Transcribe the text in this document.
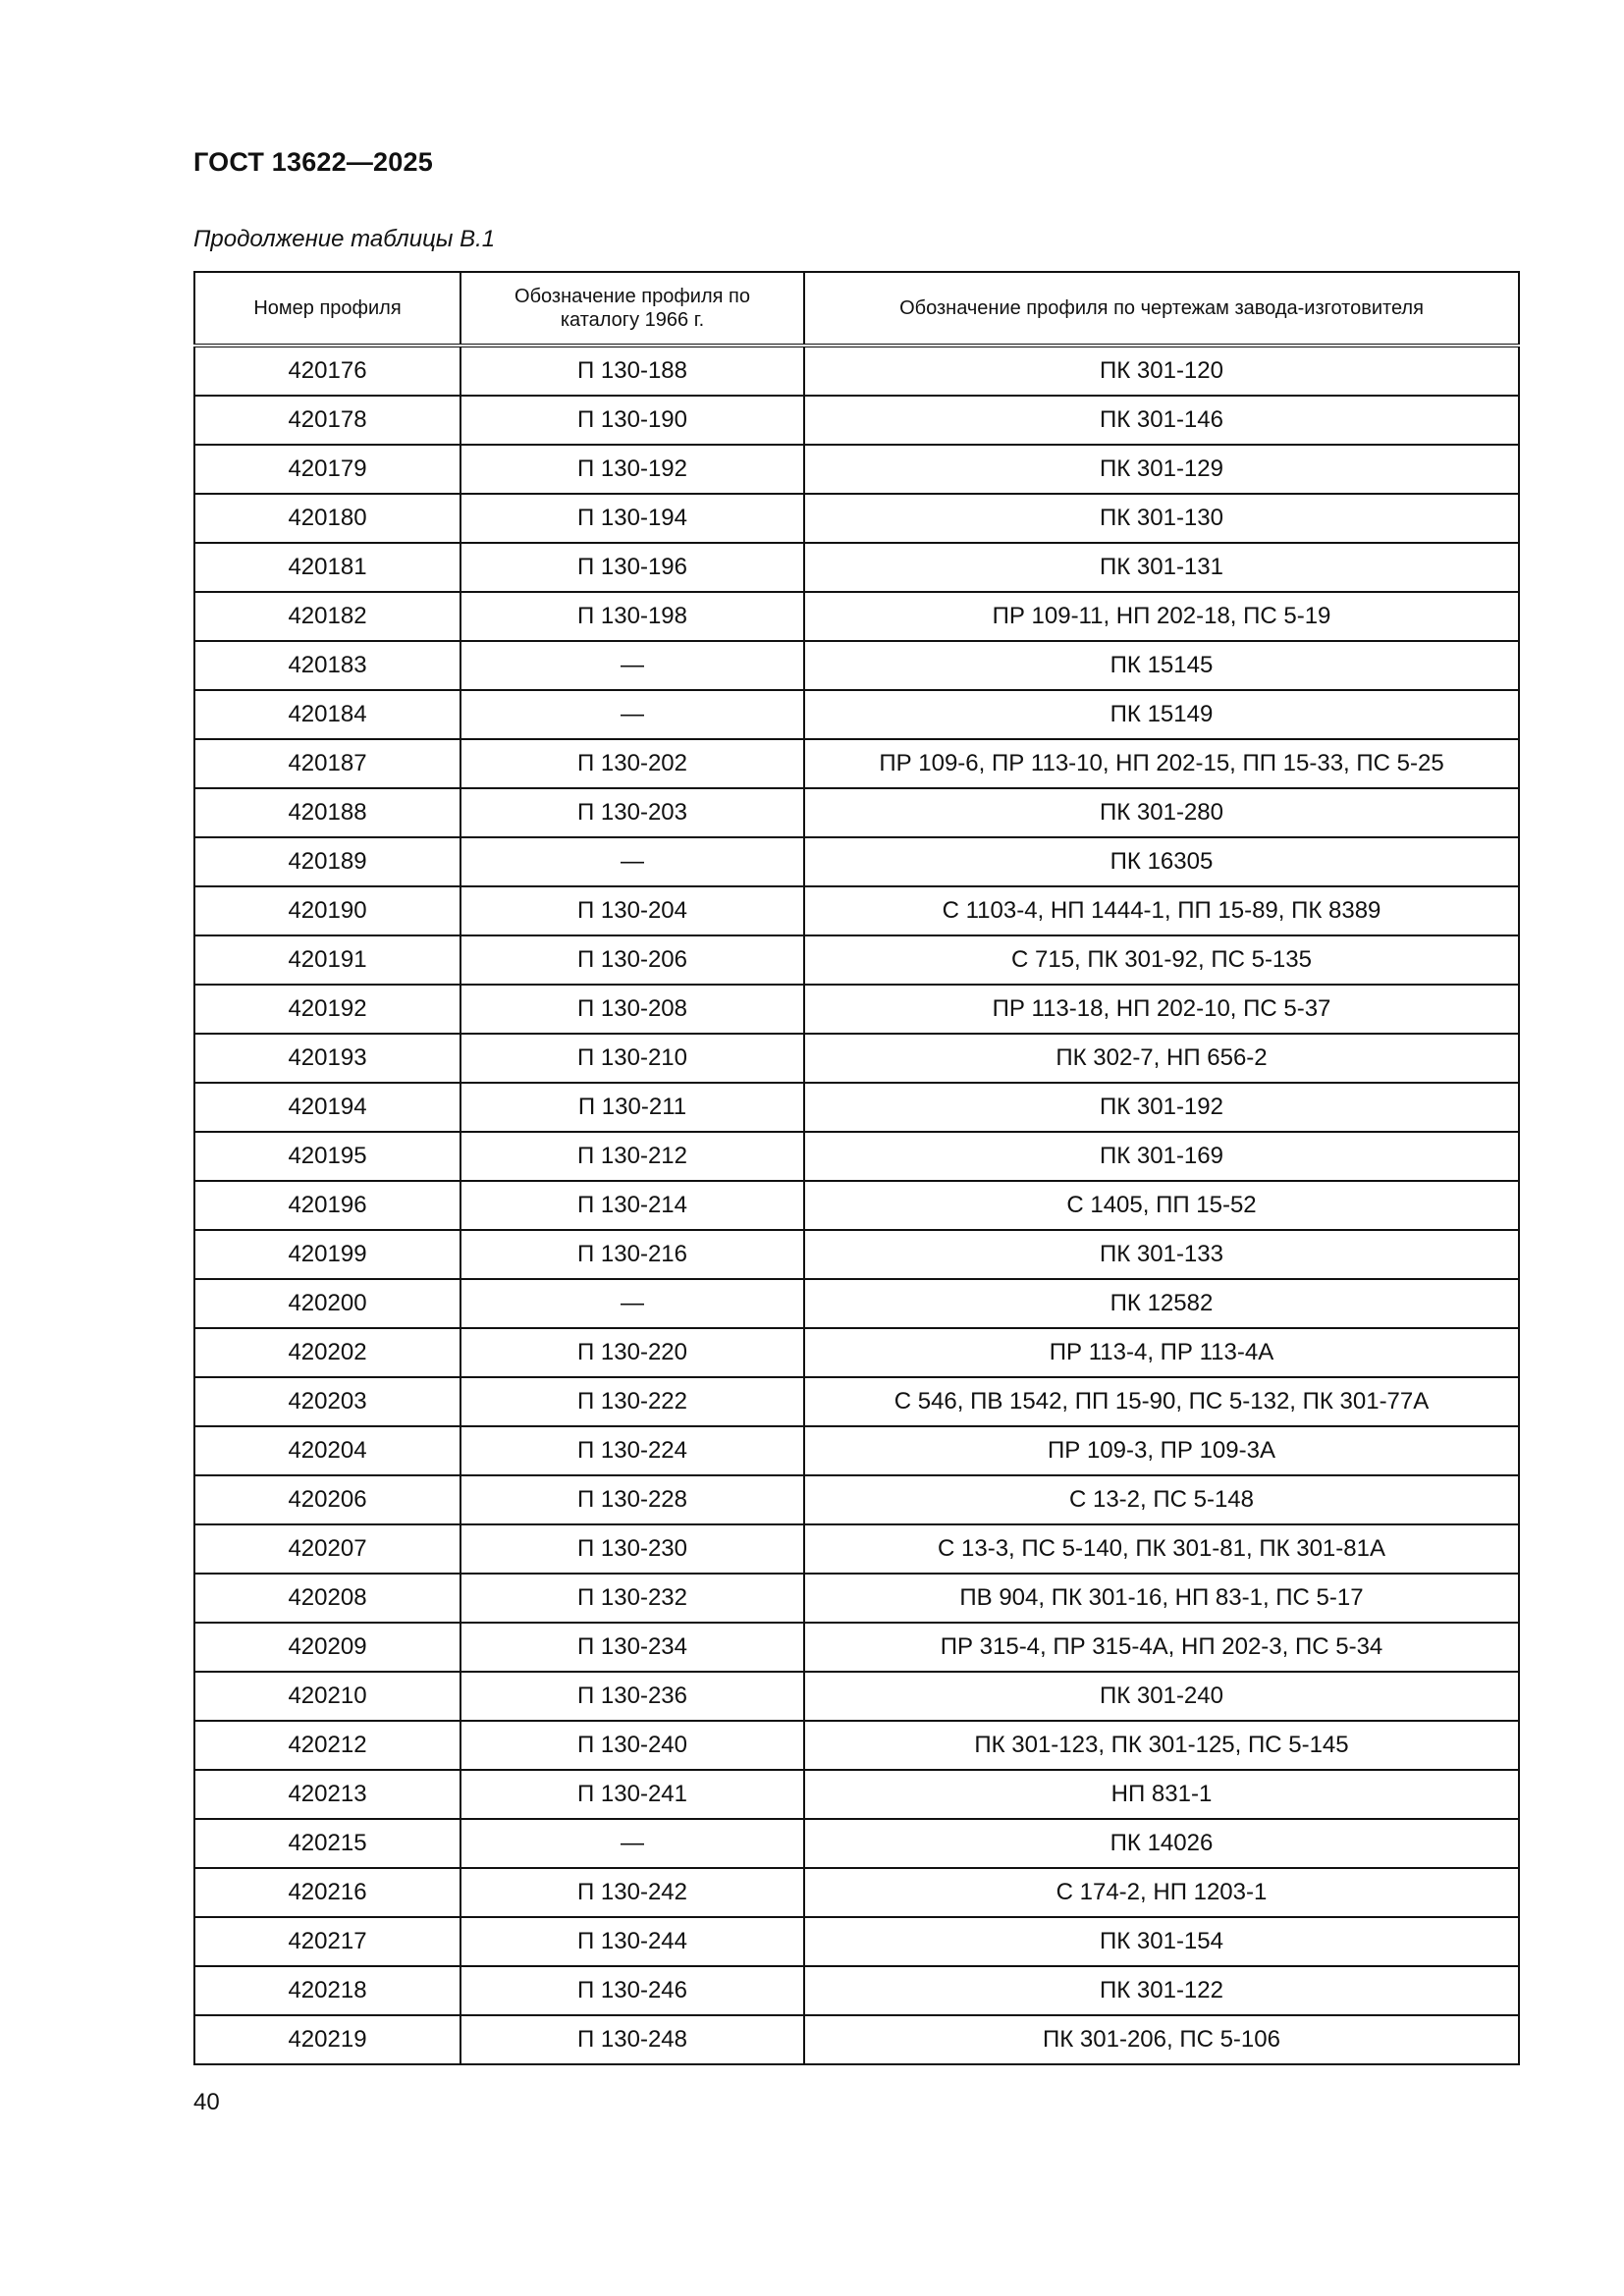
ГОСТ 13622—2025
Продолжение таблицы В.1
Номер профиля	Обозначение профиля по каталогу 1966 г.	Обозначение профиля по чертежам завода-изготовителя
420176	П 130-188	ПК 301-120
420178	П 130-190	ПК 301-146
420179	П 130-192	ПК 301-129
420180	П 130-194	ПК 301-130
420181	П 130-196	ПК 301-131
420182	П 130-198	ПР 109-11, НП 202-18, ПС 5-19
420183	—	ПК 15145
420184	—	ПК 15149
420187	П 130-202	ПР 109-6, ПР 113-10, НП 202-15, ПП 15-33, ПС 5-25
420188	П 130-203	ПК 301-280
420189	—	ПК 16305
420190	П 130-204	С 1103-4, НП 1444-1, ПП 15-89, ПК 8389
420191	П 130-206	С 715, ПК 301-92, ПС 5-135
420192	П 130-208	ПР 113-18, НП 202-10, ПС 5-37
420193	П 130-210	ПК 302-7, НП 656-2
420194	П 130-211	ПК 301-192
420195	П 130-212	ПК 301-169
420196	П 130-214	С 1405, ПП 15-52
420199	П 130-216	ПК 301-133
420200	—	ПК 12582
420202	П 130-220	ПР 113-4, ПР 113-4А
420203	П 130-222	С 546, ПВ 1542, ПП 15-90, ПС 5-132, ПК 301-77А
420204	П 130-224	ПР 109-3, ПР 109-3А
420206	П 130-228	С 13-2, ПС 5-148
420207	П 130-230	С 13-3, ПС 5-140, ПК 301-81, ПК 301-81А
420208	П 130-232	ПВ 904, ПК 301-16, НП 83-1, ПС 5-17
420209	П 130-234	ПР 315-4, ПР 315-4А, НП 202-3, ПС 5-34
420210	П 130-236	ПК 301-240
420212	П 130-240	ПК 301-123, ПК 301-125, ПС 5-145
420213	П 130-241	НП 831-1
420215	—	ПК 14026
420216	П 130-242	С 174-2, НП 1203-1
420217	П 130-244	ПК 301-154
420218	П 130-246	ПК 301-122
420219	П 130-248	ПК 301-206, ПС 5-106
40
